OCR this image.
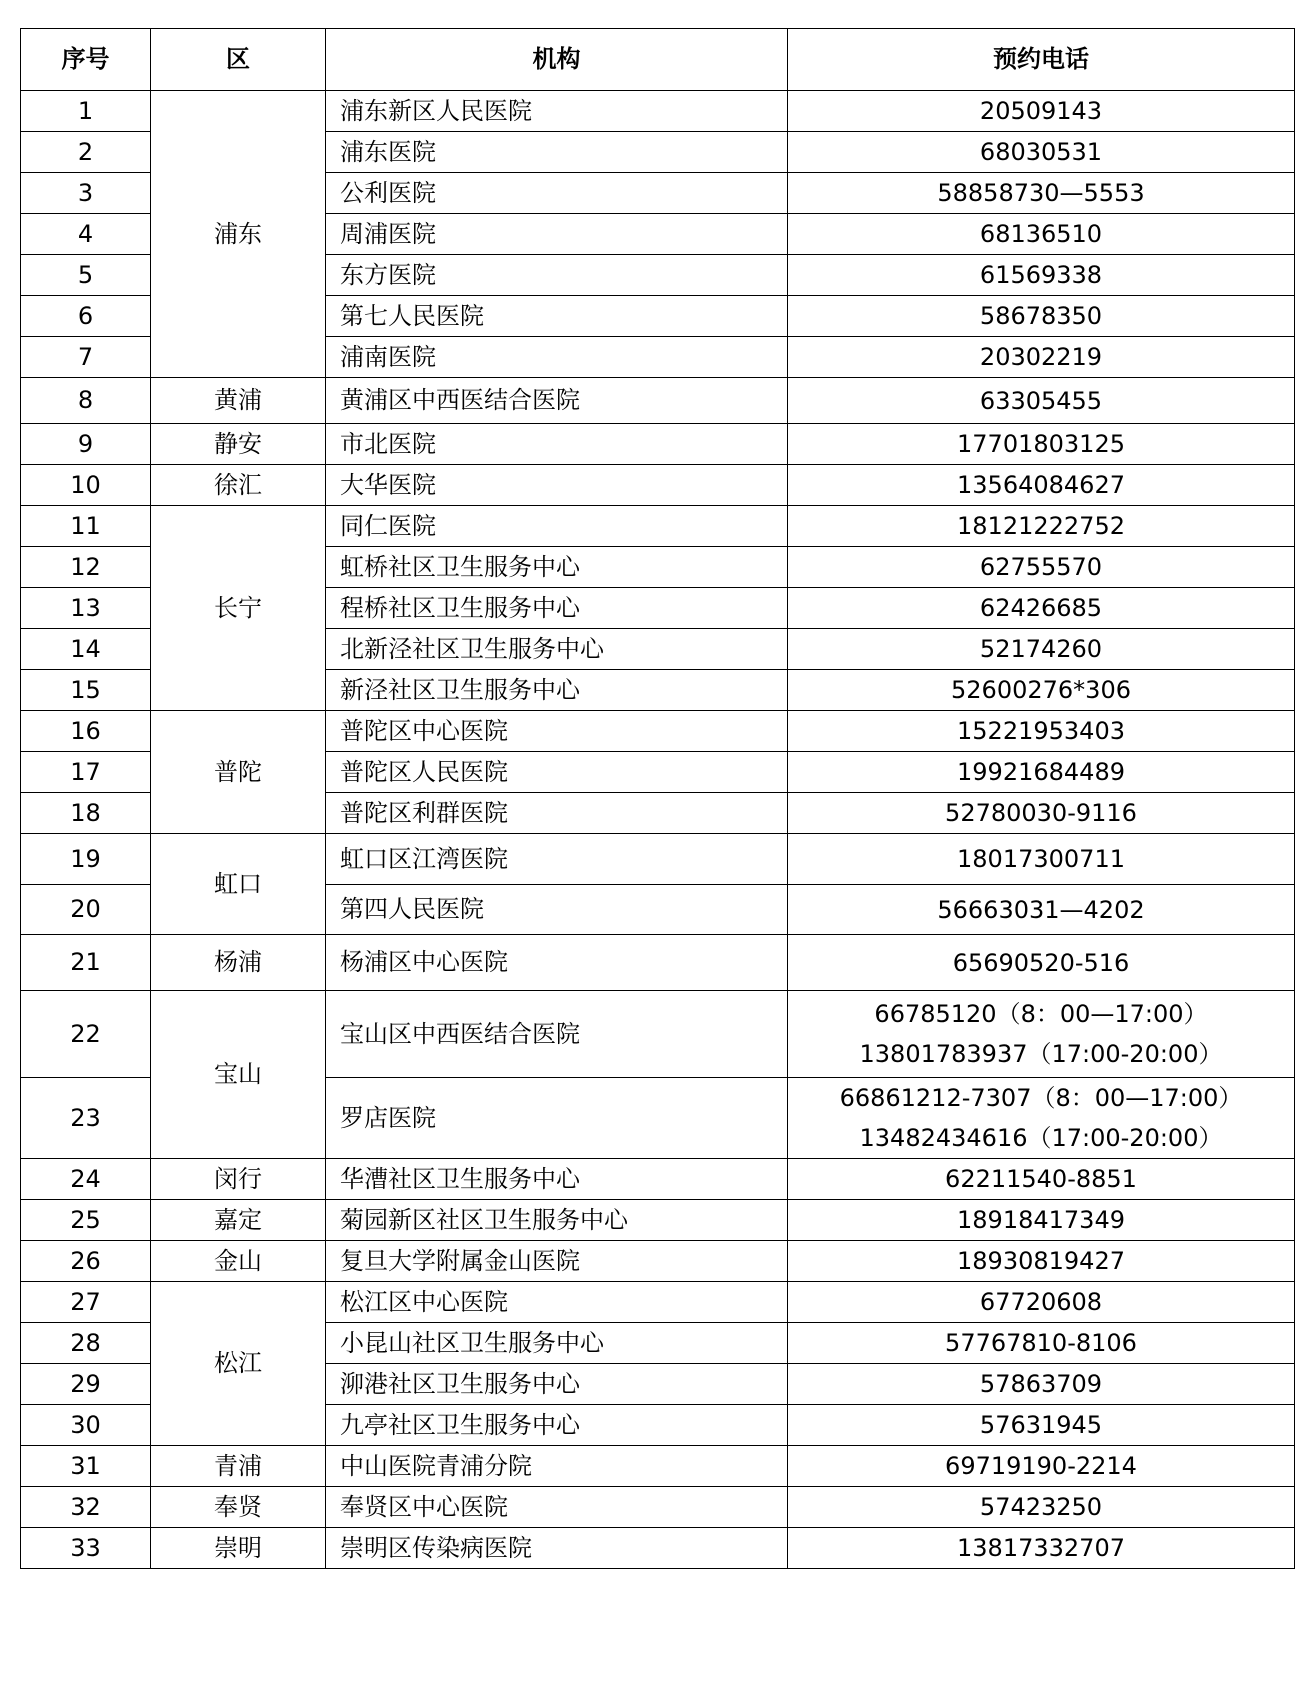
序号	区	机构	预约电话
1	浦东	浦东新区人民医院	20509143

2		浦东医院	68030531

3		公利医院	58858730—5553

4		周浦医院	68136510

5		东方医院	61569338

6		第七人民医院	58678350

7		浦南医院	20302219

8	黄浦	黄浦区中西医结合医院	63305455

9	静安	市北医院	17701803125

10	徐汇	大华医院	13564084627

11	长宁	同仁医院	18121222752

12		虹桥社区卫生服务中心	62755570

13		程桥社区卫生服务中心	62426685

14		北新泾社区卫生服务中心	52174260

15		新泾社区卫生服务中心	52600276*306

16	普陀	普陀区中心医院	15221953403

17		普陀区人民医院	19921684489

18		普陀区利群医院	52780030-9116

19	虹口	虹口区江湾医院	18017300711

20		第四人民医院	56663031—4202

21	杨浦	杨浦区中心医院	65690520-516

22	宝山	宝山区中西医结合医院	66785120（8：00—17:00）
13801783937（17:00-20:00）

23		罗店医院	66861212-7307（8：00—17:00）
13482434616（17:00-20:00）

24	闵行	华漕社区卫生服务中心	62211540-8851

25	嘉定	菊园新区社区卫生服务中心	18918417349

26	金山	复旦大学附属金山医院	18930819427

27	松江	松江区中心医院	67720608

28		小昆山社区卫生服务中心	57767810-8106

29		泖港社区卫生服务中心	57863709

30		九亭社区卫生服务中心	57631945

31	青浦	中山医院青浦分院	69719190-2214

32	奉贤	奉贤区中心医院	57423250

33	崇明	崇明区传染病医院	13817332707
